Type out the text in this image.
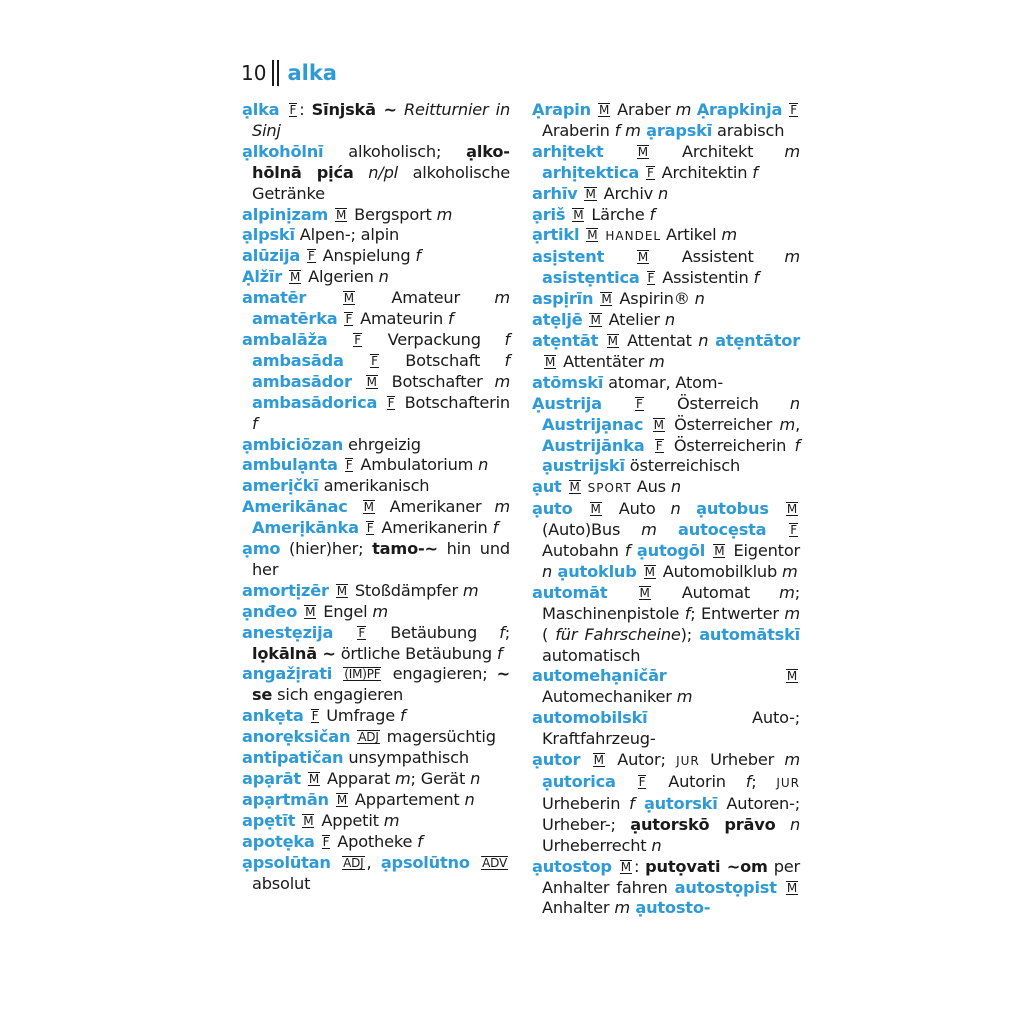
10 alka

ạlka F : Sīnjskā ~ Reitturnier in Sinj

ạlkohōlnī alkoholisch; ạlkohōlnā pịća n/pl alkoholische Getränke

alpinịzam M Bergsport m

ạlpskī Alpen-; alpin

alūzija F Anspielung f

Ạlžīr M Algerien n

amatēr	M Amateur m amatērka F Amateurin f

ambalāža F Verpackung f ambasāda F Botschaft f ambasādor M Botschafter m ambasādorica F Botschafterin f

ạmbiciōzan ehrgeizig

ambulạnta F Ambulatorium n

amerịčkī amerikanisch

Amerikānac M Amerikaner m Amerịkānka F Amerikanerin f

ạmo (hier)her; tamo-~ hin und her

amortịzēr M Stoßdämpfer m

ạnđeo M Engel m

anestẹzija F Betäubung f; lọkālnā ~ örtliche Betäubung f

angažịrati (IM)PF engagieren; ~ se sich engagieren

ankẹta F Umfrage f

anorẹksičan ADJ magersüchtig

antipatičan unsympathisch

apạrāt M Apparat m; Gerät n

apạrtmān M Appartement n

apẹtīt M Appetit m

apotẹka F Apotheke f

ạpsolūtan ADJ , ạpsolūtno ADV absolut

Ạrapin M Araber m Ạrapkinja F Araberin f m ạrapskī arabisch

arhịtekt	M Architekt m arhịtektica F Architektin f

arhīv M Archiv n

ạriš M Lärche f

ạrtikl M HANDEL Artikel m

asịstent	M Assistent m asistẹntica F Assistentin f

aspịrīn M Aspirin® n

atẹljē M Atelier n

atẹntāt M Attentat n atẹntātor M Attentäter m

atōmskī atomar, Atom-

Ạustrija	F Österreich n Austrijạnac M Österreicher m, Austrijānka F Österreicherin f ạustrijskī österreichisch

ạut M SPORT Aus n

ạuto M Auto n ạutobus M (Auto)Bus m autocẹsta F Autobahn f ạutogōl M Eigentor n ạutoklub M Automobilklub m

automāt	M Automat m; Maschinenpistole f; Entwerter m ( für Fahrscheine); automātskī automatisch

automehạničār	M Automechaniker m

automobilskī Auto-; Kraftfahrzeug-

ạutor M Autor; JUR Urheber m ạutorica F Autorin f; JUR Urheberin f ạutorskī Autoren-; Urheber-; ạutorskō prāvo n Urheberrecht n

ạutostop M : putọvati ~om per Anhalter fahren autostọpist M Anhalter m ạutosto-
